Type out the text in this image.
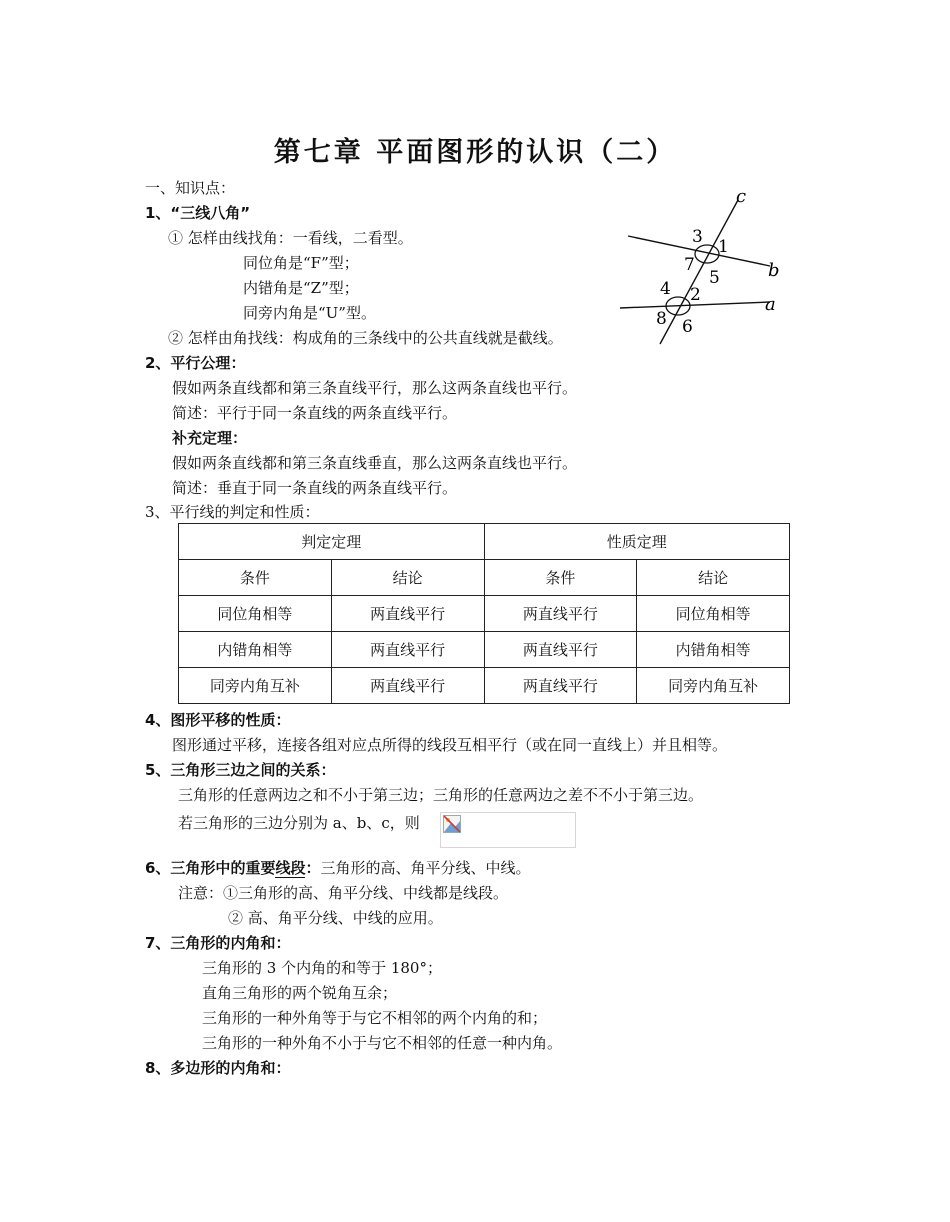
第七章 平面图形的认识（二）
一、知识点：
1、“三线八角”
① 怎样由线找角：一看线，二看型。
同位角是“F”型；
内错角是“Z”型；
同旁内角是“U”型。
② 怎样由角找线：构成角的三条线中的公共直线就是截线。
c
3 1
7
5	b
4 2	a
8 6
2、平行公理：
假如两条直线都和第三条直线平行，那么这两条直线也平行。
简述：平行于同一条直线的两条直线平行。
补充定理：
假如两条直线都和第三条直线垂直，那么这两条直线也平行。
简述：垂直于同一条直线的两条直线平行。
3、平行线的判定和性质：
判定定理		性质定理	
条件	结论	条件	结论
同位角相等	两直线平行	两直线平行	同位角相等
内错角相等	两直线平行	两直线平行	内错角相等
同旁内角互补	两直线平行	两直线平行	同旁内角互补
4、图形平移的性质：
图形通过平移，连接各组对应点所得的线段互相平行（或在同一直线上）并且相等。
5、三角形三边之间的关系：
三角形的任意两边之和不小于第三边；三角形的任意两边之差不不小于第三边。
若三角形的三边分别为 a、b、c，则
6、三角形中的重要线段：三角形的高、角平分线、中线。
注意：①三角形的高、角平分线、中线都是线段。
② 高、角平分线、中线的应用。
7、三角形的内角和：
三角形的 3 个内角的和等于 180°；
直角三角形的两个锐角互余；
三角形的一种外角等于与它不相邻的两个内角的和；
三角形的一种外角不小于与它不相邻的任意一种内角。
8、多边形的内角和：
